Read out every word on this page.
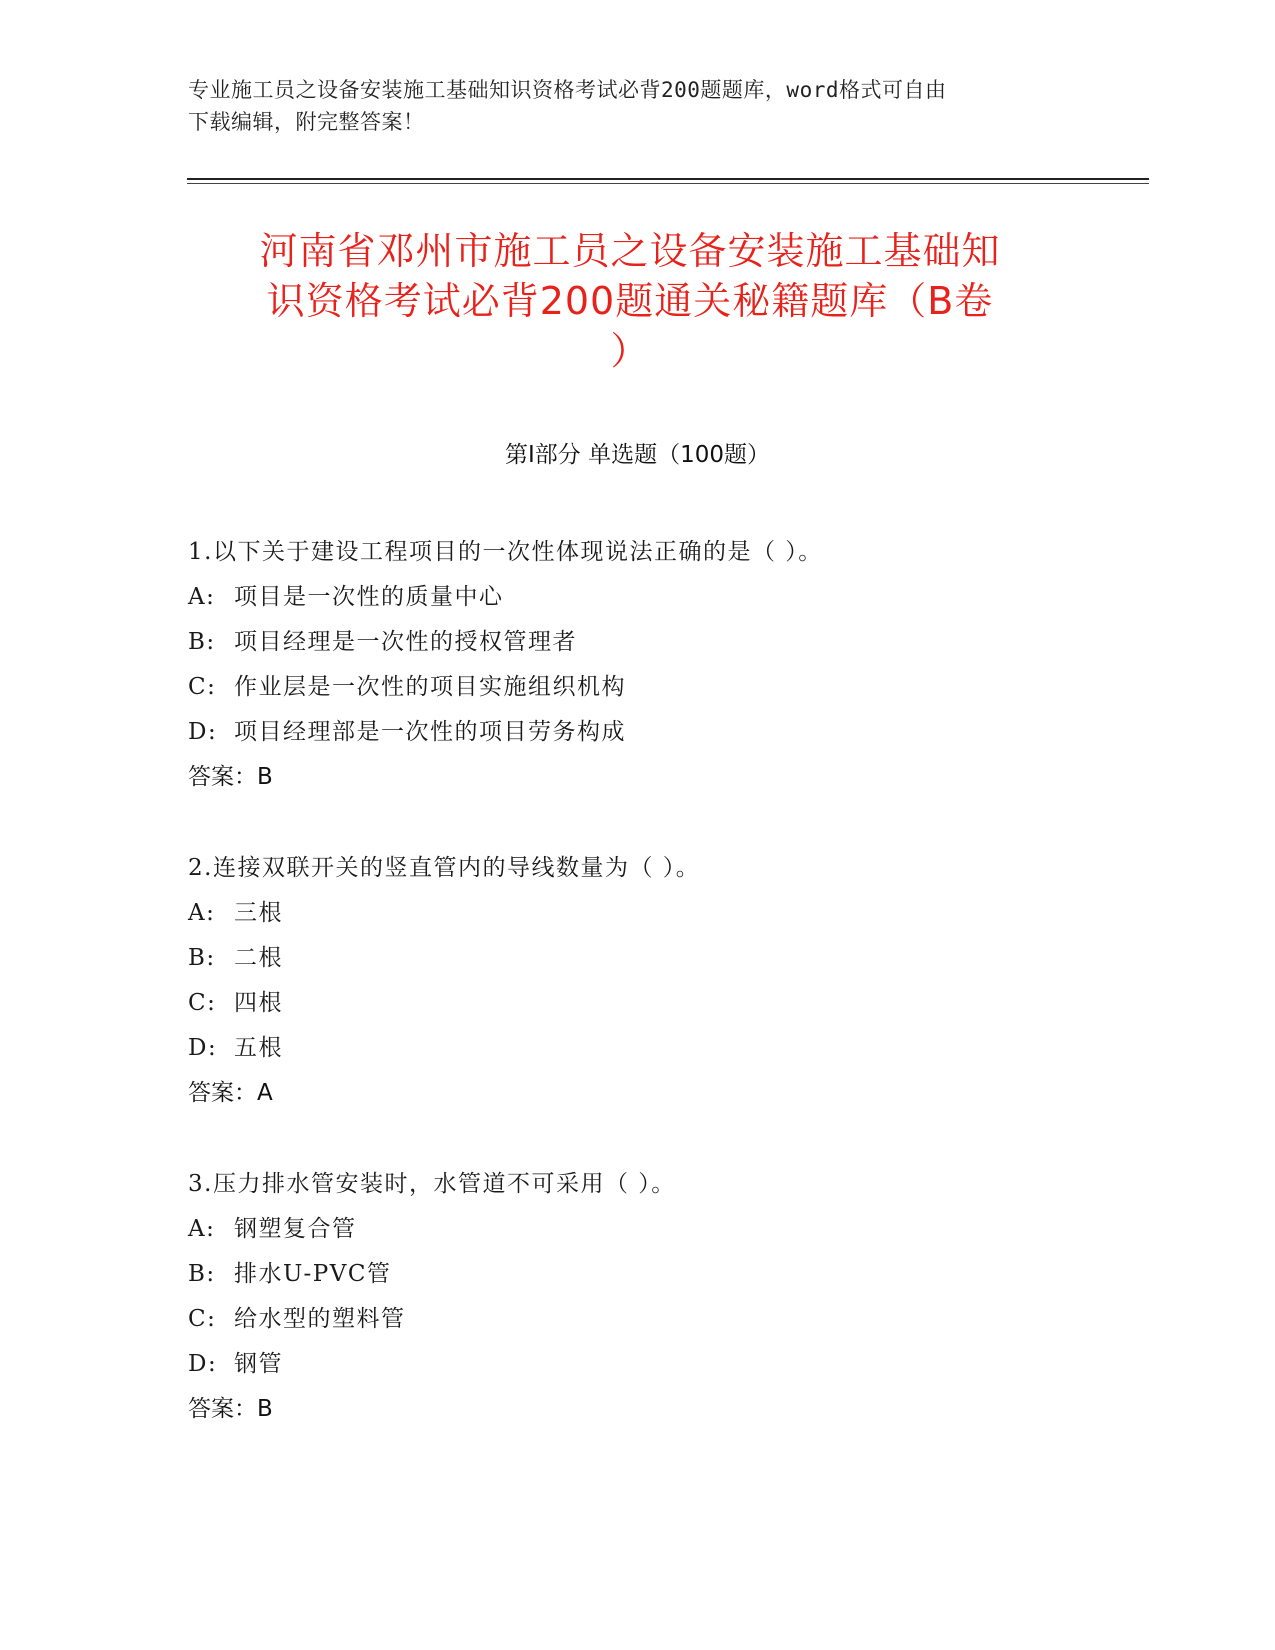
专业施工员之设备安装施工基础知识资格考试必背200题题库，word格式可自由
下载编辑，附完整答案！
河南省邓州市施工员之设备安装施工基础知
识资格考试必背200题通关秘籍题库（B卷
）
第Ⅰ部分 单选题（100题）
1.以下关于建设工程项目的一次性体现说法正确的是（ ）。
A: 项目是一次性的质量中心
B: 项目经理是一次性的授权管理者
C: 作业层是一次性的项目实施组织机构
D: 项目经理部是一次性的项目劳务构成
答案：B
2.连接双联开关的竖直管内的导线数量为（ ）。
A: 三根
B: 二根
C: 四根
D: 五根
答案：A
3.压力排水管安装时，水管道不可采用（ ）。
A: 钢塑复合管
B: 排水U-PVC管
C: 给水型的塑料管
D: 钢管
答案：B
